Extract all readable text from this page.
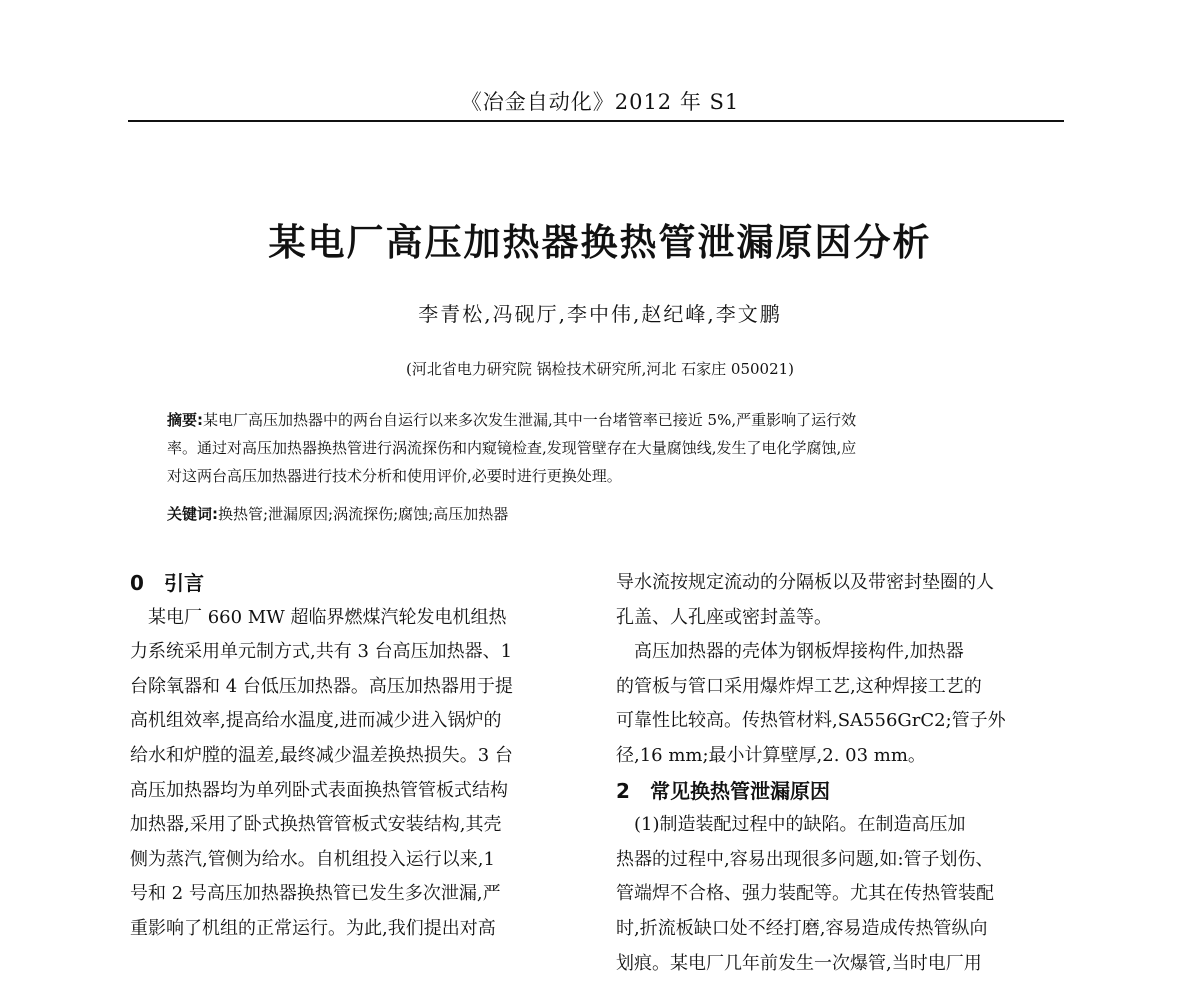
《冶金自动化》2012 年 S1
某电厂高压加热器换热管泄漏原因分析
李青松,冯砚厅,李中伟,赵纪峰,李文鹏
(河北省电力研究院 锅检技术研究所,河北 石家庄 050021)
摘要:某电厂高压加热器中的两台自运行以来多次发生泄漏,其中一台堵管率已接近 5%,严重影响了运行效
率。通过对高压加热器换热管进行涡流探伤和内窥镜检查,发现管壁存在大量腐蚀线,发生了电化学腐蚀,应
对这两台高压加热器进行技术分析和使用评价,必要时进行更换处理。
关键词:换热管;泄漏原因;涡流探伤;腐蚀;高压加热器
0 引言
　某电厂 660 MW 超临界燃煤汽轮发电机组热
力系统采用单元制方式,共有 3 台高压加热器、1
台除氧器和 4 台低压加热器。高压加热器用于提
高机组效率,提高给水温度,进而减少进入锅炉的
给水和炉膛的温差,最终减少温差换热损失。3 台
高压加热器均为单列卧式表面换热管管板式结构
加热器,采用了卧式换热管管板式安装结构,其壳
侧为蒸汽,管侧为给水。自机组投入运行以来,1
号和 2 号高压加热器换热管已发生多次泄漏,严
重影响了机组的正常运行。为此,我们提出对高
导水流按规定流动的分隔板以及带密封垫圈的人
孔盖、人孔座或密封盖等。
　高压加热器的壳体为钢板焊接构件,加热器
的管板与管口采用爆炸焊工艺,这种焊接工艺的
可靠性比较高。传热管材料,SA556GrC2;管子外
径,16 mm;最小计算壁厚,2. 03 mm。
2 常见换热管泄漏原因
　(1)制造装配过程中的缺陷。在制造高压加
热器的过程中,容易出现很多问题,如:管子划伤、
管端焊不合格、强力装配等。尤其在传热管装配
时,折流板缺口处不经打磨,容易造成传热管纵向
划痕。某电厂几年前发生一次爆管,当时电厂用
